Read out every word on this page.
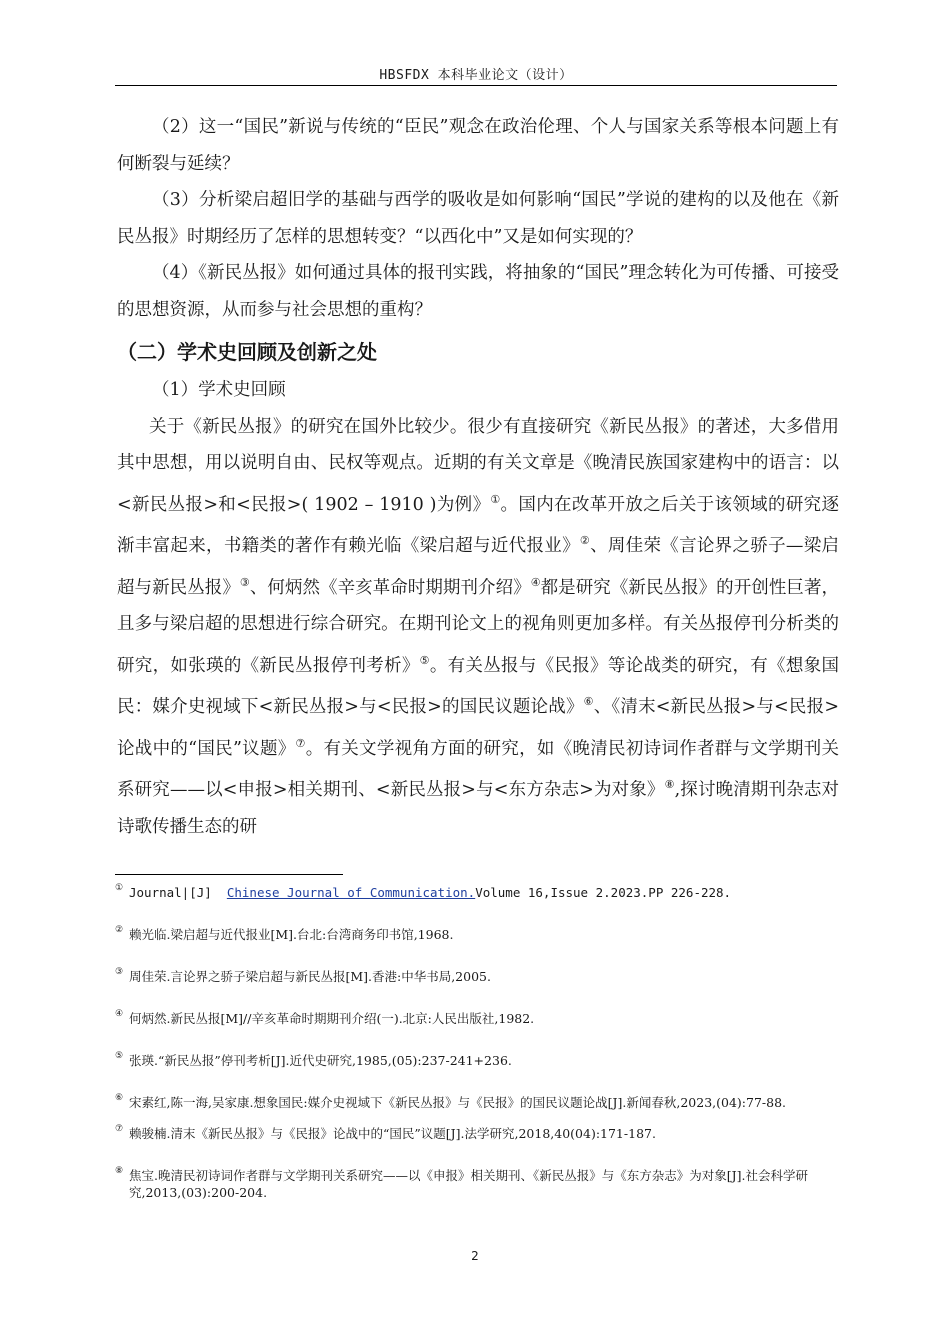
HBSFDX 本科毕业论文（设计）

（2）这一“国民”新说与传统的“臣民”观念在政治伦理、个人与国家关系等根本问题上有何断裂与延续？

（3）分析梁启超旧学的基础与西学的吸收是如何影响“国民”学说的建构的以及他在《新民丛报》时期经历了怎样的思想转变？“以西化中”又是如何实现的？

（4）《新民丛报》如何通过具体的报刊实践，将抽象的“国民”理念转化为可传播、可接受的思想资源，从而参与社会思想的重构？

（二）学术史回顾及创新之处

（1）学术史回顾

关于《新民丛报》的研究在国外比较少。很少有直接研究《新民丛报》的著述，大多借用其中思想，用以说明自由、民权等观点。近期的有关文章是《晚清民族国家建构中的语言：以<新民丛报>和<民报>( 1902 – 1910 )为例》①。国内在改革开放之后关于该领域的研究逐渐丰富起来，书籍类的著作有赖光临《梁启超与近代报业》②、周佳荣《言论界之骄子—梁启超与新民丛报》③、何炳然《辛亥革命时期期刊介绍》④都是研究《新民丛报》的开创性巨著，且多与梁启超的思想进行综合研究。在期刊论文上的视角则更加多样。有关丛报停刊分析类的研究，如张瑛的《新民丛报停刊考析》⑤。有关丛报与《民报》等论战类的研究，有《想象国民：媒介史视域下<新民丛报>与<民报>的国民议题论战》⑥、《清末<新民丛报>与<民报>论战中的“国民”议题》⑦。有关文学视角方面的研究，如《晚清民初诗词作者群与文学期刊关系研究——以<申报>相关期刊、<新民丛报>与<东方杂志>为对象》⑧,探讨晚清期刊杂志对诗歌传播生态的研

① Journal|[J]  Chinese Journal of Communication.Volume 16,Issue 2.2023.PP 226-228.

② 赖光临.梁启超与近代报业[M].台北:台湾商务印书馆,1968.

③ 周佳荣.言论界之骄子梁启超与新民丛报[M].香港:中华书局,2005.

④ 何炳然.新民丛报[M]//辛亥革命时期期刊介绍(一).北京:人民出版社,1982.

⑤ 张瑛.“新民丛报”停刊考析[J].近代史研究,1985,(05):237-241+236.

⑥ 宋素红,陈一海,吴家康.想象国民:媒介史视域下《新民丛报》与《民报》的国民议题论战[J].新闻春秋,2023,(04):77-88.

⑦ 赖骏楠.清末《新民丛报》与《民报》论战中的“国民”议题[J].法学研究,2018,40(04):171-187.

⑧ 焦宝.晚清民初诗词作者群与文学期刊关系研究——以《申报》相关期刊、《新民丛报》与《东方杂志》为对象[J].社会科学研究,2013,(03):200-204.

2
